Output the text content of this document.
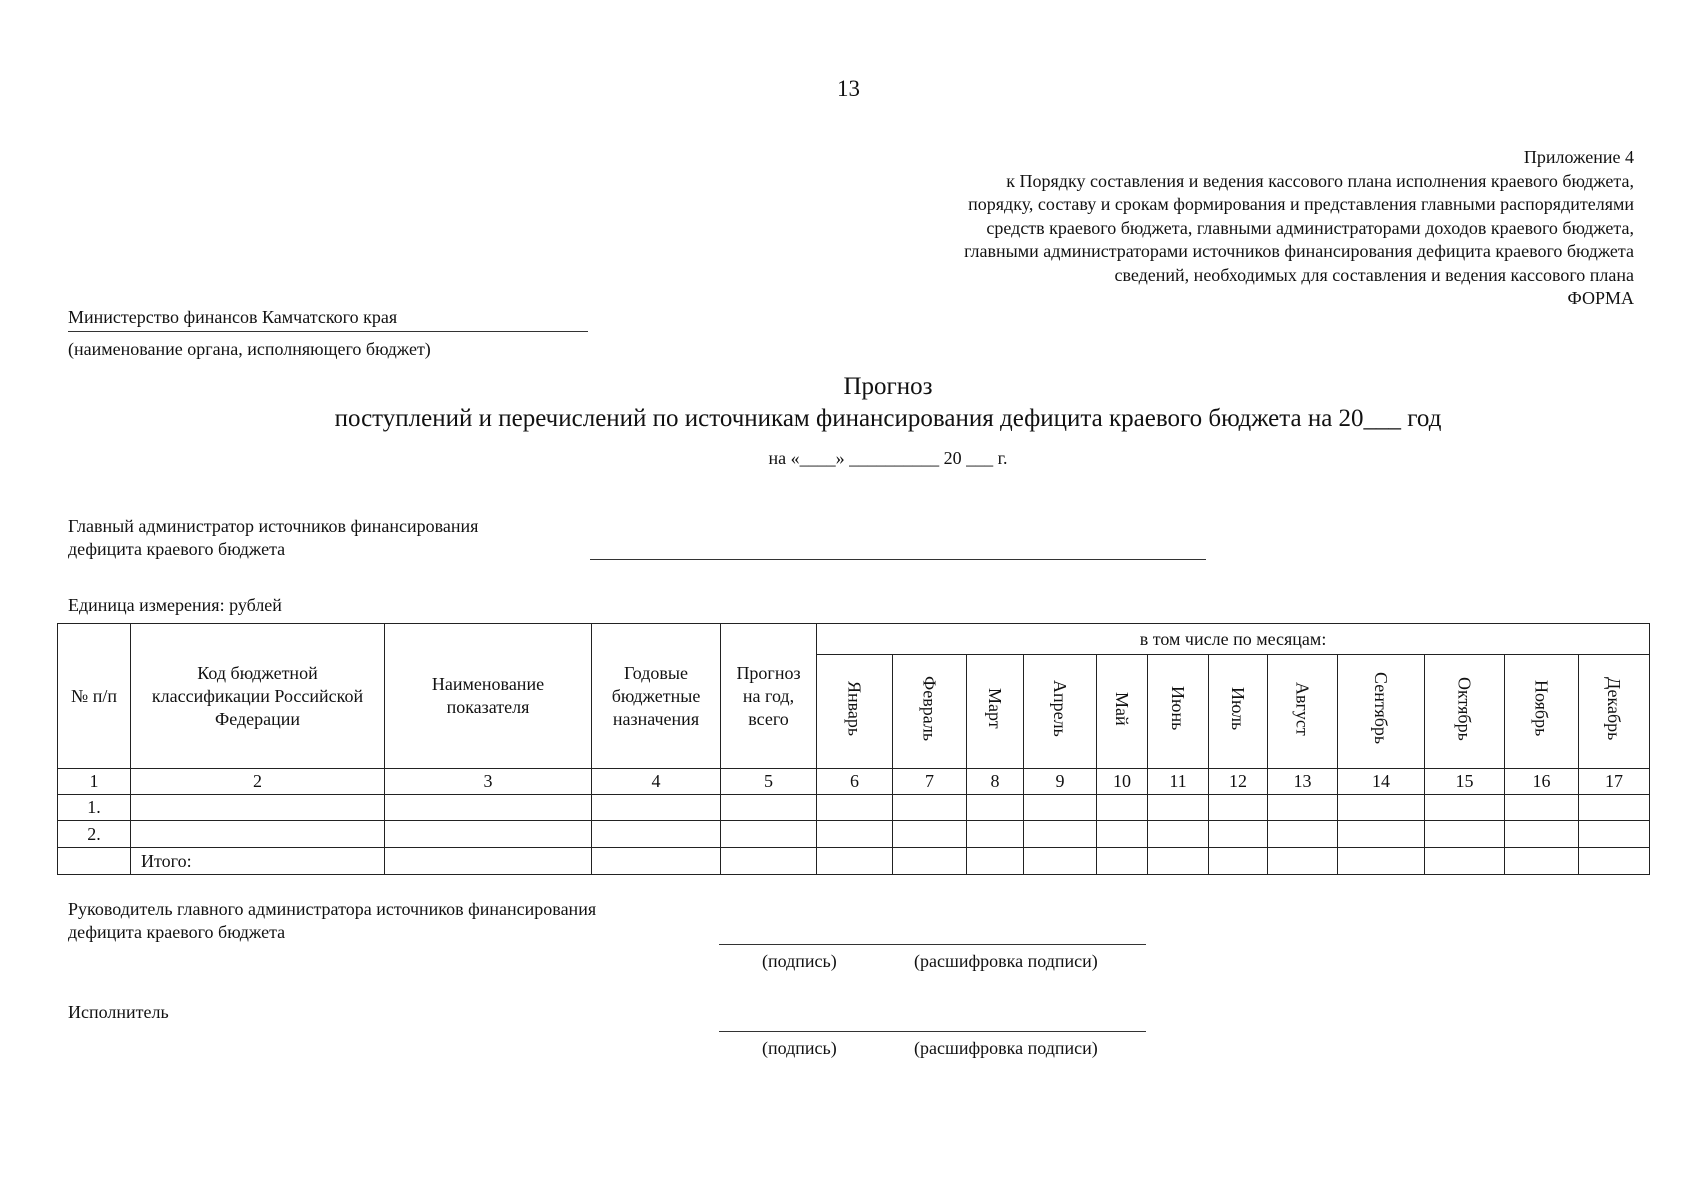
13
Приложение 4
к Порядку составления и ведения кассового плана исполнения краевого бюджета,
порядку, составу и срокам формирования и представления главными распорядителями
средств краевого бюджета, главными администраторами доходов краевого бюджета,
главными администраторами источников финансирования дефицита краевого бюджета
сведений, необходимых для составления и ведения кассового плана
ФОРМА
Министерство финансов Камчатского края
(наименование органа, исполняющего бюджет)
Прогноз
поступлений и перечислений по источникам финансирования дефицита краевого бюджета на 20___ год
на «____» __________ 20 ___ г.
Главный администратор источников финансирования
дефицита краевого бюджета
Единица измерения: рублей
№ п/п	Код бюджетной классификации Российской Федерации	Наименование показателя	Годовые бюджетные назначения	Прогноз на год, всего	в том числе по месяцам:											
					Январь	Февраль	Март	Апрель	Май	Июнь	Июль	Август	Сентябрь	Октябрь	Ноябрь	Декабрь
1	2	3	4	5	6	7	8	9	10	11	12	13	14	15	16	17
1.																
2.																
	Итого:															
Руководитель главного администратора источников финансирования
дефицита краевого бюджета
(подпись)	(расшифровка подписи)
Исполнитель
(подпись)	(расшифровка подписи)
